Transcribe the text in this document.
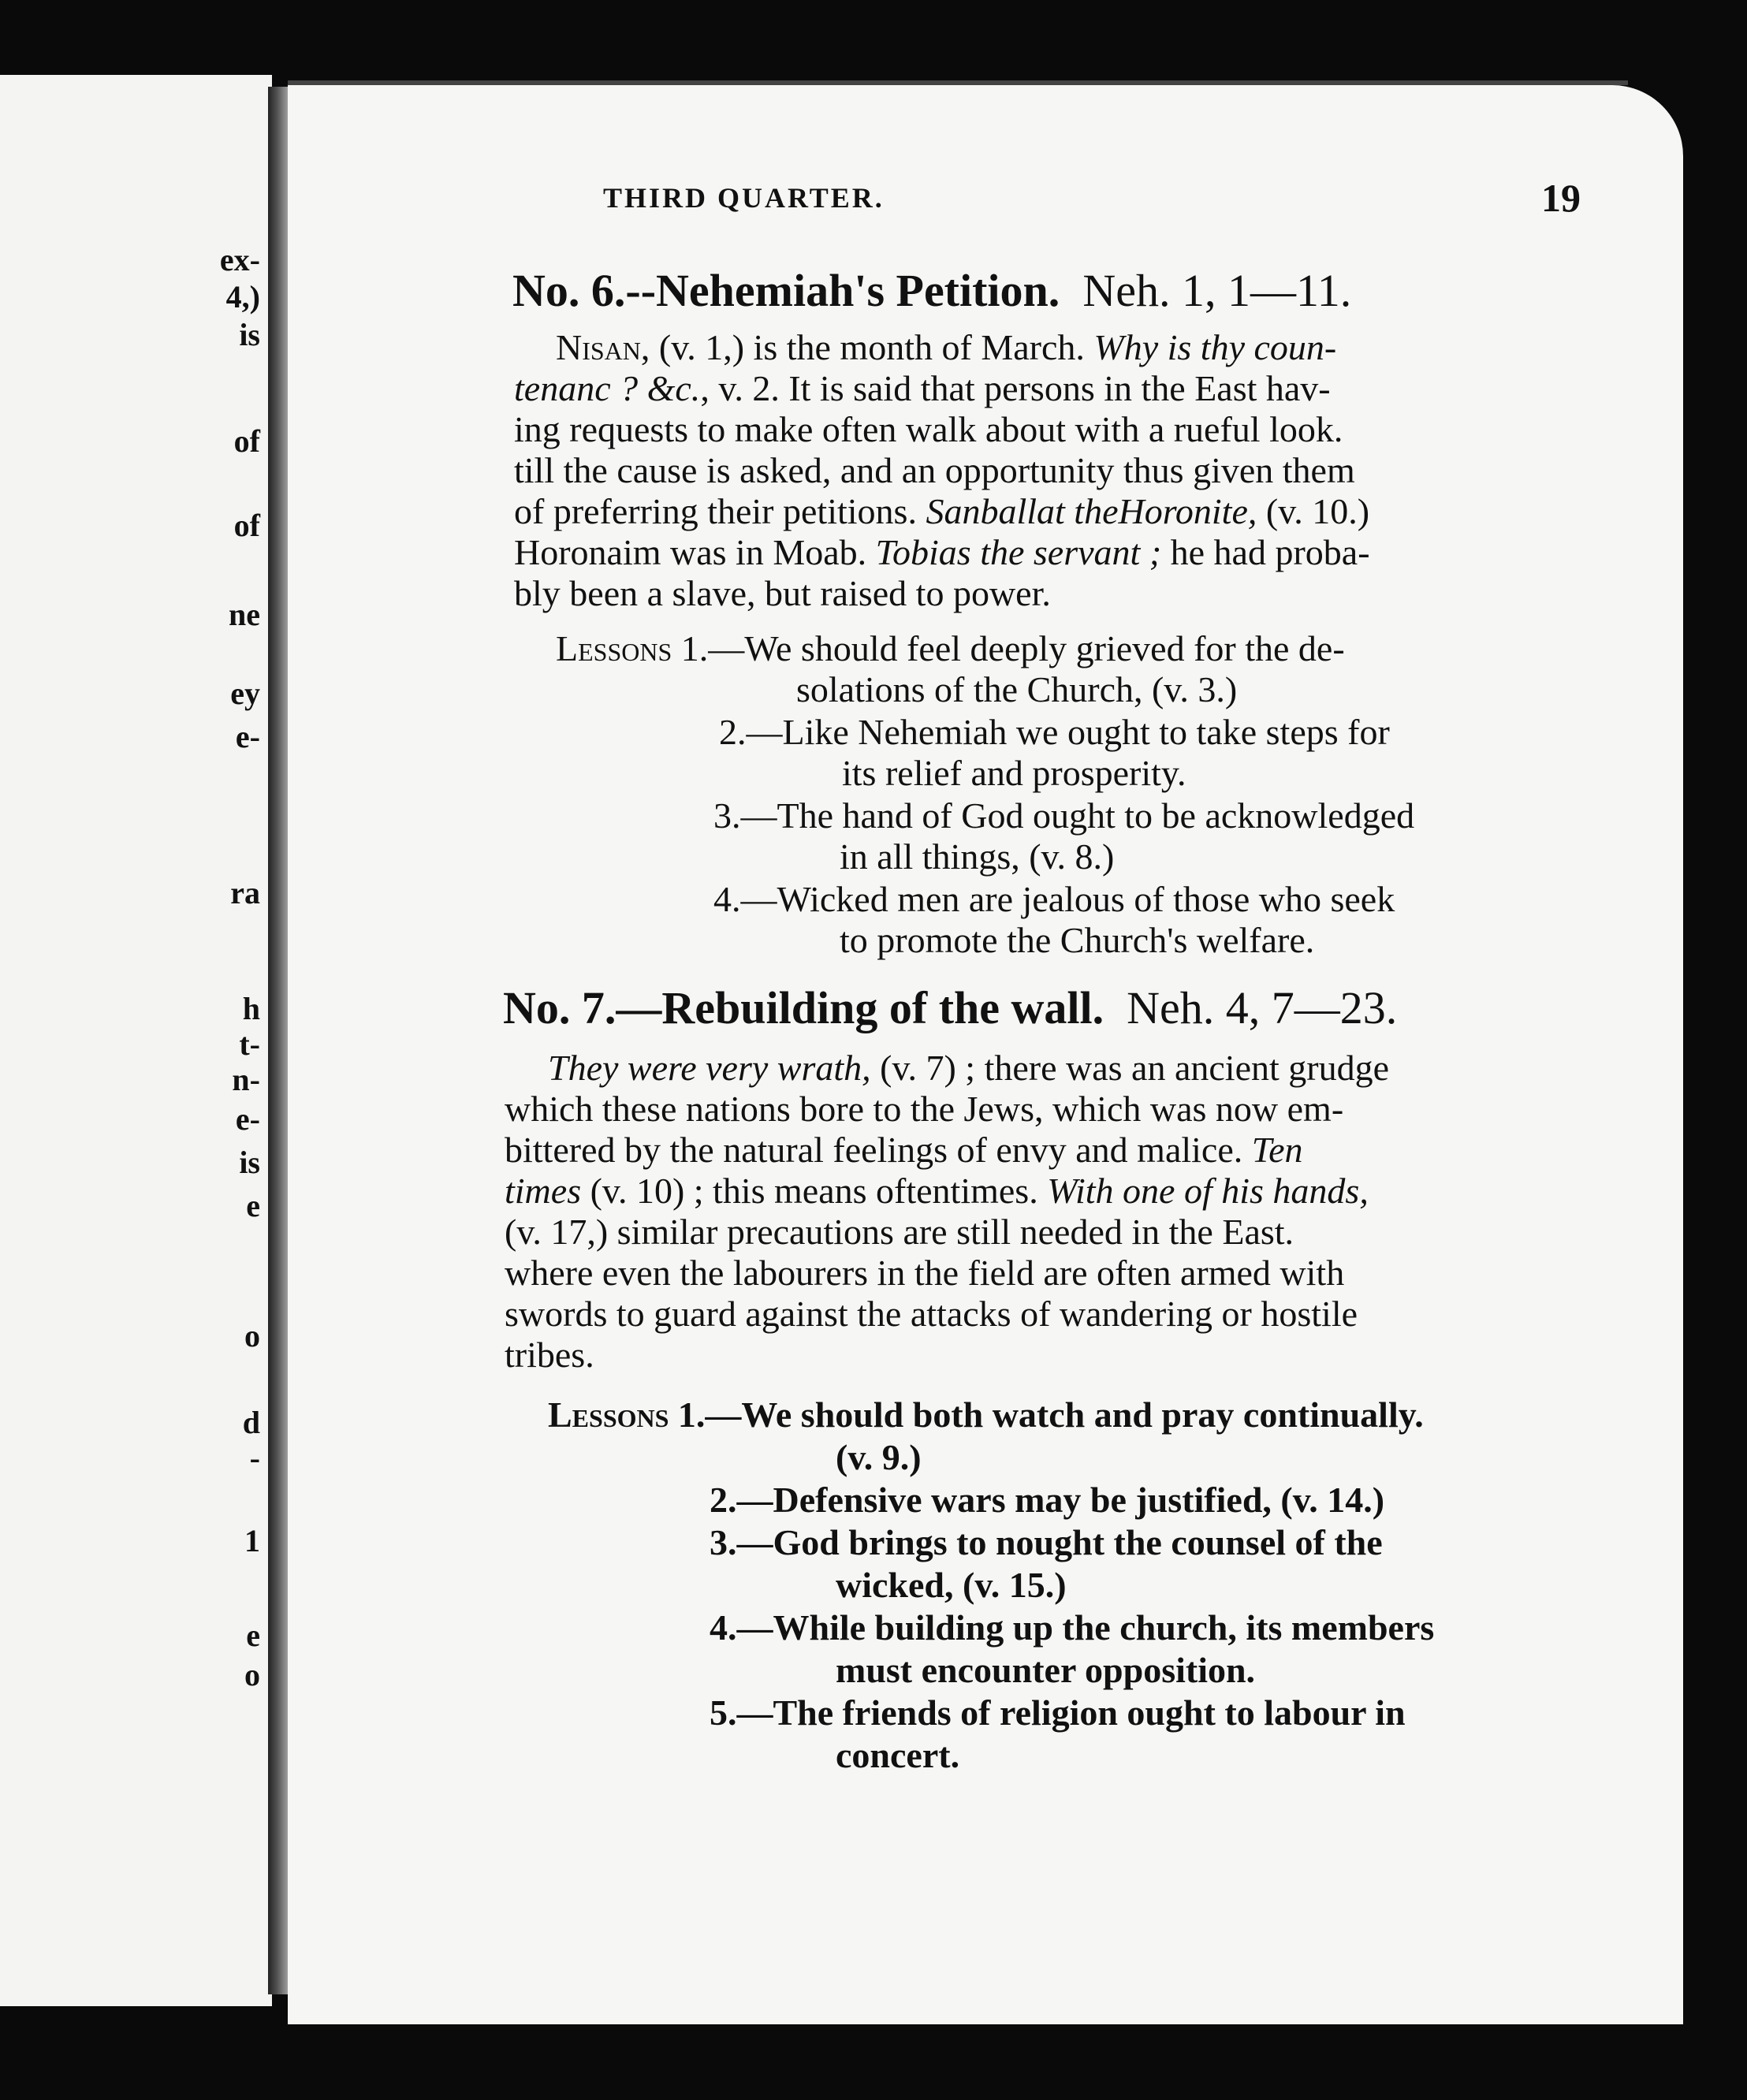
ex-
4,)
is
of
of
ne
ey
e-
ra
h
t-
n-
e-
is
e
o
d
-
1
e
o
THIRD QUARTER.	19
No. 6.--Nehemiah's Petition. Neh. 1, 1—11.
Nisan, (v. 1,) is the month of March. Why is thy coun-
tenanc ? &c., v. 2. It is said that persons in the East hav-
ing requests to make often walk about with a rueful look.
till the cause is asked, and an opportunity thus given them
of preferring their petitions. Sanballat theHoronite, (v. 10.)
Horonaim was in Moab. Tobias the servant ; he had proba-
bly been a slave, but raised to power.
Lessons 1.—We should feel deeply grieved for the de-
solations of the Church, (v. 3.)
2.—Like Nehemiah we ought to take steps for
its relief and prosperity.
3.—The hand of God ought to be acknowledged
in all things, (v. 8.)
4.—Wicked men are jealous of those who seek
to promote the Church's welfare.
No. 7.—Rebuilding of the wall. Neh. 4, 7—23.
They were very wrath, (v. 7) ; there was an ancient grudge
which these nations bore to the Jews, which was now em-
bittered by the natural feelings of envy and malice. Ten
times (v. 10) ; this means oftentimes. With one of his hands,
(v. 17,) similar precautions are still needed in the East.
where even the labourers in the field are often armed with
swords to guard against the attacks of wandering or hostile
tribes.
Lessons 1.—We should both watch and pray continually.
(v. 9.)
2.—Defensive wars may be justified, (v. 14.)
3.—God brings to nought the counsel of the
wicked, (v. 15.)
4.—While building up the church, its members
must encounter opposition.
5.—The friends of religion ought to labour in
concert.
